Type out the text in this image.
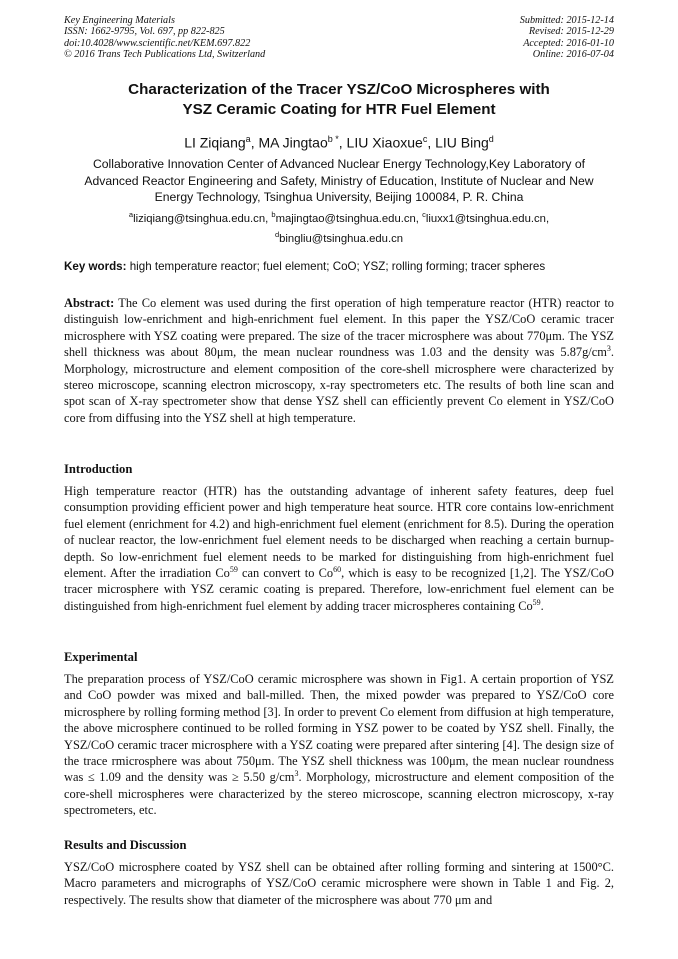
Key Engineering Materials
ISSN: 1662-9795, Vol. 697, pp 822-825
doi:10.4028/www.scientific.net/KEM.697.822
© 2016 Trans Tech Publications Ltd, Switzerland
Submitted: 2015-12-14
Revised: 2015-12-29
Accepted: 2016-01-10
Online: 2016-07-04
Characterization of the Tracer YSZ/CoO Microspheres with
YSZ Ceramic Coating for HTR Fuel Element
LI Ziqiang$^a$, MA Jingtao$^{b *}$, LIU Xiaoxue$^c$, LIU Bing$^d$
Collaborative Innovation Center of Advanced Nuclear Energy Technology,Key Laboratory of
Advanced Reactor Engineering and Safety, Ministry of Education, Institute of Nuclear and New
Energy Technology, Tsinghua University, Beijing 100084, P. R. China
$^a$liziqiang@tsinghua.edu.cn, $^b$majingtao@tsinghua.edu.cn, $^c$liuxx1@tsinghua.edu.cn,
$^d$bingliu@tsinghua.edu.cn
Key words: high temperature reactor; fuel element; CoO; YSZ; rolling forming; tracer spheres
Abstract: The Co element was used during the first operation of high temperature reactor (HTR) reactor to distinguish low-enrichment and high-enrichment fuel element. In this paper the YSZ/CoO ceramic tracer microsphere with YSZ coating were prepared. The size of the tracer microsphere was about 770μm. The YSZ shell thickness was about 80μm, the mean nuclear roundness was 1.03 and the density was $5.87g/cm^3$. Morphology, microstructure and element composition of the core-shell microsphere were characterized by stereo microscope, scanning electron microscopy, x-ray spectrometers etc. The results of both line scan and spot scan of X-ray spectrometer show that dense YSZ shell can efficiently prevent Co element in YSZ/CoO core from diffusing into the YSZ shell at high temperature.
Introduction
High temperature reactor (HTR) has the outstanding advantage of inherent safety features, deep fuel consumption providing efficient power and high temperature heat source. HTR core contains low-enrichment fuel element (enrichment for 4.2) and high-enrichment fuel element (enrichment for 8.5). During the operation of nuclear reactor, the low-enrichment fuel element needs to be discharged when reaching a certain burnup-depth. So low-enrichment fuel element needs to be marked for distinguishing from high-enrichment fuel element. After the irradiation Co$^{59}$ can convert to Co$^{60}$, which is easy to be recognized [1,2]. The YSZ/CoO tracer microsphere with YSZ ceramic coating is prepared. Therefore, low-enrichment fuel element can be distinguished from high-enrichment fuel element by adding tracer microspheres containing Co$^{59}$.
Experimental
The preparation process of YSZ/CoO ceramic microsphere was shown in Fig1. A certain proportion of YSZ and CoO powder was mixed and ball-milled. Then, the mixed powder was prepared to YSZ/CoO core microsphere by rolling forming method [3]. In order to prevent Co element from diffusion at high temperature, the above microsphere continued to be rolled forming in YSZ power to be coated by YSZ shell. Finally, the YSZ/CoO ceramic tracer microsphere with a YSZ coating were prepared after sintering [4]. The design size of the trace rmicrosphere was about 750μm. The YSZ shell thickness was 100μm, the mean nuclear roundness was ≤ 1.09 and the density was ≥ 5.50 $g/cm^3$. Morphology, microstructure and element composition of the core-shell microspheres were characterized by the stereo microscope, scanning electron microscopy, x-ray spectrometers, etc.
Results and Discussion
YSZ/CoO microsphere coated by YSZ shell can be obtained after rolling forming and sintering at 1500°C. Macro parameters and micrographs of YSZ/CoO ceramic microsphere were shown in Table 1 and Fig. 2, respectively. The results show that diameter of the microsphere was about 770 μm and
